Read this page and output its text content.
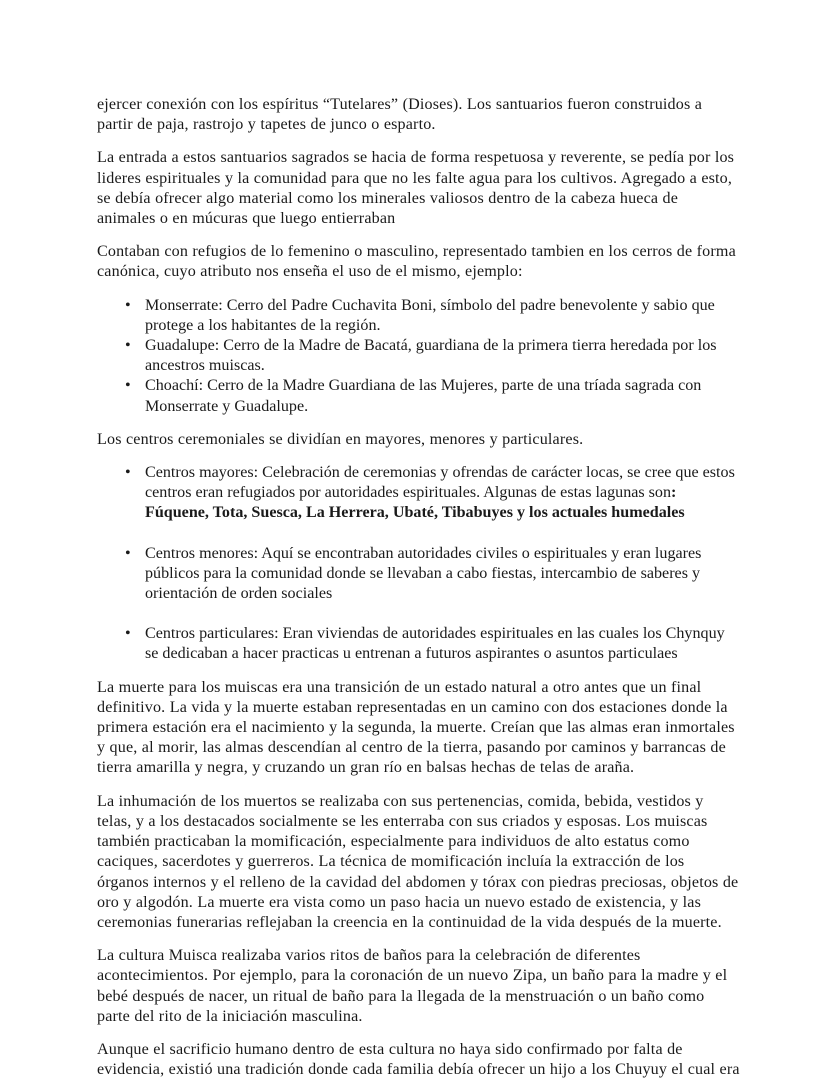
ejercer conexión con los espíritus “Tutelares” (Dioses). Los santuarios fueron construidos a partir de paja, rastrojo y tapetes de junco o esparto.

La entrada a estos santuarios sagrados se hacia de forma respetuosa y reverente, se pedía por los lideres espirituales y la comunidad para que no les falte agua para los cultivos. Agregado a esto, se debía ofrecer algo material como los minerales valiosos dentro de la cabeza hueca de animales o en múcuras que luego entierraban

Contaban con refugios de lo femenino o masculino, representado tambien en los cerros de forma canónica, cuyo atributo nos enseña el uso de el mismo, ejemplo:

• Monserrate: Cerro del Padre Cuchavita Boni, símbolo del padre benevolente y sabio que protege a los habitantes de la región.
• Guadalupe: Cerro de la Madre de Bacatá, guardiana de la primera tierra heredada por los ancestros muiscas.
• Choachí: Cerro de la Madre Guardiana de las Mujeres, parte de una tríada sagrada con Monserrate y Guadalupe.

Los centros ceremoniales se dividían en mayores, menores y particulares.

• Centros mayores: Celebración de ceremonias y ofrendas de carácter locas, se cree que estos centros eran refugiados por autoridades espirituales. Algunas de estas lagunas son: Fúquene, Tota, Suesca, La Herrera, Ubaté, Tibabuyes y los actuales humedales
• Centros menores: Aquí se encontraban autoridades civiles o espirituales y eran lugares públicos para la comunidad donde se llevaban a cabo fiestas, intercambio de saberes y orientación de orden sociales
• Centros particulares: Eran viviendas de autoridades espirituales en las cuales los Chynquy se dedicaban a hacer practicas u entrenan a futuros aspirantes o asuntos particulaes

La muerte para los muiscas era una transición de un estado natural a otro antes que un final definitivo. La vida y la muerte estaban representadas en un camino con dos estaciones donde la primera estación era el nacimiento y la segunda, la muerte. Creían que las almas eran inmortales y que, al morir, las almas descendían al centro de la tierra, pasando por caminos y barrancas de tierra amarilla y negra, y cruzando un gran río en balsas hechas de telas de araña.

La inhumación de los muertos se realizaba con sus pertenencias, comida, bebida, vestidos y telas, y a los destacados socialmente se les enterraba con sus criados y esposas. Los muiscas también practicaban la momificación, especialmente para individuos de alto estatus como caciques, sacerdotes y guerreros. La técnica de momificación incluía la extracción de los órganos internos y el relleno de la cavidad del abdomen y tórax con piedras preciosas, objetos de oro y algodón. La muerte era vista como un paso hacia un nuevo estado de existencia, y las ceremonias funerarias reflejaban la creencia en la continuidad de la vida después de la muerte.

La cultura Muisca realizaba varios ritos de baños para la celebración de diferentes acontecimientos. Por ejemplo, para la coronación de un nuevo Zipa, un baño para la madre y el bebé después de nacer, un ritual de baño para la llegada de la menstruación o un baño como parte del rito de la iniciación masculina.

Aunque el sacrificio humano dentro de esta cultura no haya sido confirmado por falta de evidencia, existió una tradición donde cada familia debía ofrecer un hijo a los Chuyuy el cual era
